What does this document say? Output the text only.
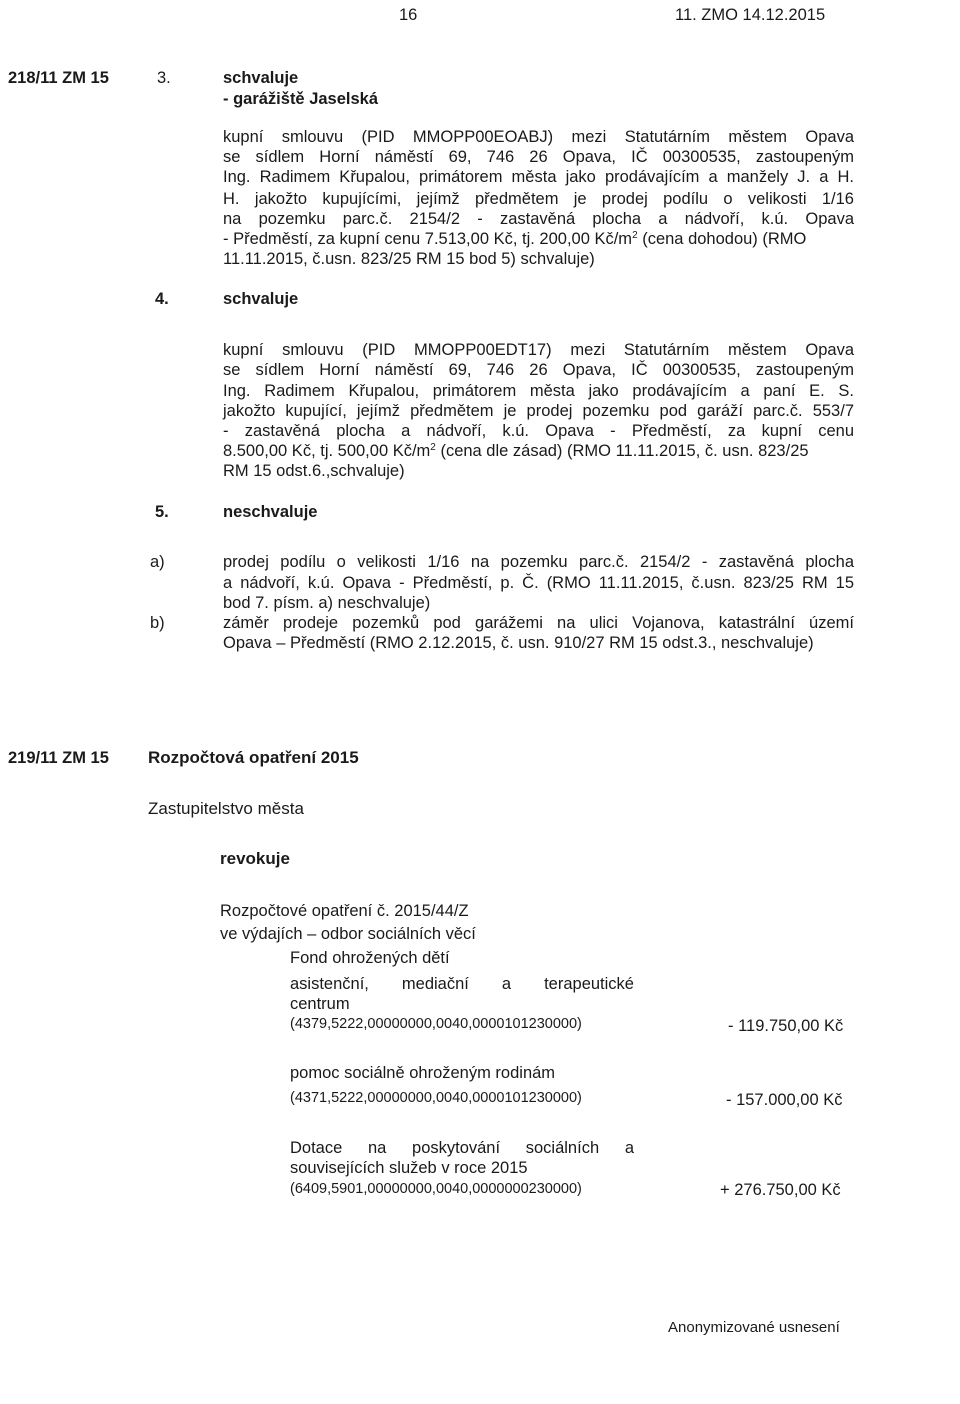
16	11. ZMO 14.12.2015
218/11 ZM 15	3.	schvaluje
- garážiště Jaselská
kupní smlouvu (PID MMOPP00EOABJ) mezi Statutárním městem Opava
se sídlem Horní náměstí 69, 746 26 Opava, IČ 00300535, zastoupeným
Ing. Radimem Křupalou, primátorem města jako prodávajícím a manžely J. a H.
H. jakožto kupujícími, jejímž předmětem je prodej podílu o velikosti 1/16
na pozemku parc.č. 2154/2 - zastavěná plocha a nádvoří, k.ú. Opava
- Předměstí, za kupní cenu 7.513,00 Kč, tj. 200,00 $Kč/m^2$ (cena dohodou) (RMO
11.11.2015, č.usn. 823/25 RM 15 bod 5) schvaluje)
4.	schvaluje
kupní smlouvu (PID MMOPP00EDT17) mezi Statutárním městem Opava
se sídlem Horní náměstí 69, 746 26 Opava, IČ 00300535, zastoupeným
Ing. Radimem Křupalou, primátorem města jako prodávajícím a paní E. S.
jakožto kupující, jejímž předmětem je prodej pozemku pod garáží parc.č. 553/7
- zastavěná plocha a nádvoří, k.ú. Opava - Předměstí, za kupní cenu
8.500,00 Kč, tj. 500,00 $Kč/m^2$ (cena dle zásad) (RMO 11.11.2015, č. usn. 823/25
RM 15 odst.6.,schvaluje)
5.	neschvaluje
a)	prodej podílu o velikosti 1/16 na pozemku parc.č. 2154/2 - zastavěná plocha
a nádvoří, k.ú. Opava - Předměstí, p. Č. (RMO 11.11.2015, č.usn. 823/25 RM 15
bod 7. písm. a) neschvaluje)
b)	záměr prodeje pozemků pod garážemi na ulici Vojanova, katastrální území
Opava – Předměstí (RMO 2.12.2015, č. usn. 910/27 RM 15 odst.3., neschvaluje)
219/11 ZM 15 Rozpočtová opatření 2015
Zastupitelstvo města
revokuje
Rozpočtové opatření č. 2015/44/Z
ve výdajích – odbor sociálních věcí
Fond ohrožených dětí
asistenční, mediační a terapeutické
centrum
(4379,5222,00000000,0040,0000101230000)	- 119.750,00 Kč
pomoc sociálně ohroženým rodinám
(4371,5222,00000000,0040,0000101230000)	- 157.000,00 Kč
Dotace na poskytování sociálních a
souvisejících služeb v roce 2015
(6409,5901,00000000,0040,0000000230000)	+ 276.750,00 Kč
Anonymizované usnesení
